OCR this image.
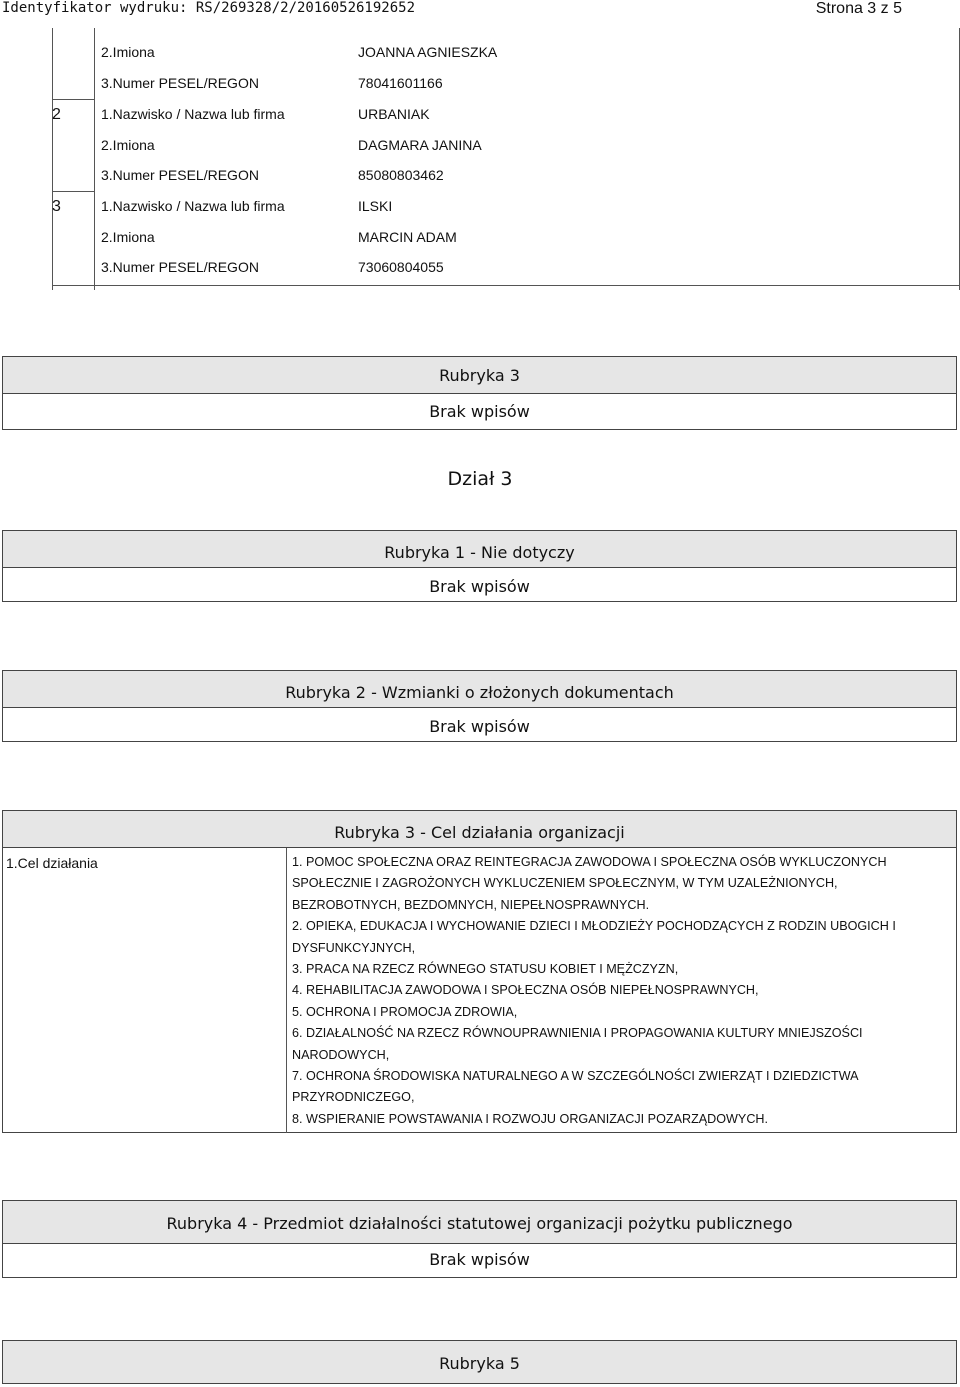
Identyfikator wydruku: RS/269328/2/20160526192652	Strona 3 z 5
2.Imiona	JOANNA AGNIESZKA
3.Numer PESEL/REGON	78041601166
2	1.Nazwisko / Nazwa lub firma	URBANIAK
2.Imiona	DAGMARA JANINA
3.Numer PESEL/REGON	85080803462
3	1.Nazwisko / Nazwa lub firma	ILSKI
2.Imiona	MARCIN ADAM
3.Numer PESEL/REGON	73060804055
Rubryka 3
Brak wpisów
Dział 3
Rubryka 1 - Nie dotyczy
Brak wpisów
Rubryka 2 - Wzmianki o złożonych dokumentach
Brak wpisów
Rubryka 3 - Cel działania organizacji
1.Cel działania	1. POMOC SPOŁECZNA ORAZ REINTEGRACJA ZAWODOWA I SPOŁECZNA OSÓB WYKLUCZONYCH
SPOŁECZNIE I ZAGROŻONYCH WYKLUCZENIEM SPOŁECZNYM, W TYM UZALEŻNIONYCH,
BEZROBOTNYCH, BEZDOMNYCH, NIEPEŁNOSPRAWNYCH.
2. OPIEKA, EDUKACJA I WYCHOWANIE DZIECI I MŁODZIEŻY POCHODZĄCYCH Z RODZIN UBOGICH I
DYSFUNKCYJNYCH,
3. PRACA NA RZECZ RÓWNEGO STATUSU KOBIET I MĘŻCZYZN,
4. REHABILITACJA ZAWODOWA I SPOŁECZNA OSÓB NIEPEŁNOSPRAWNYCH,
5. OCHRONA I PROMOCJA ZDROWIA,
6. DZIAŁALNOŚĆ NA RZECZ RÓWNOUPRAWNIENIA I PROPAGOWANIA KULTURY MNIEJSZOŚCI
NARODOWYCH,
7. OCHRONA ŚRODOWISKA NATURALNEGO A W SZCZEGÓLNOŚCI ZWIERZĄT I DZIEDZICTWA
PRZYRODNICZEGO,
8. WSPIERANIE POWSTAWANIA I ROZWOJU ORGANIZACJI POZARZĄDOWYCH.
Rubryka 4 - Przedmiot działalności statutowej organizacji pożytku publicznego
Brak wpisów
Rubryka 5
